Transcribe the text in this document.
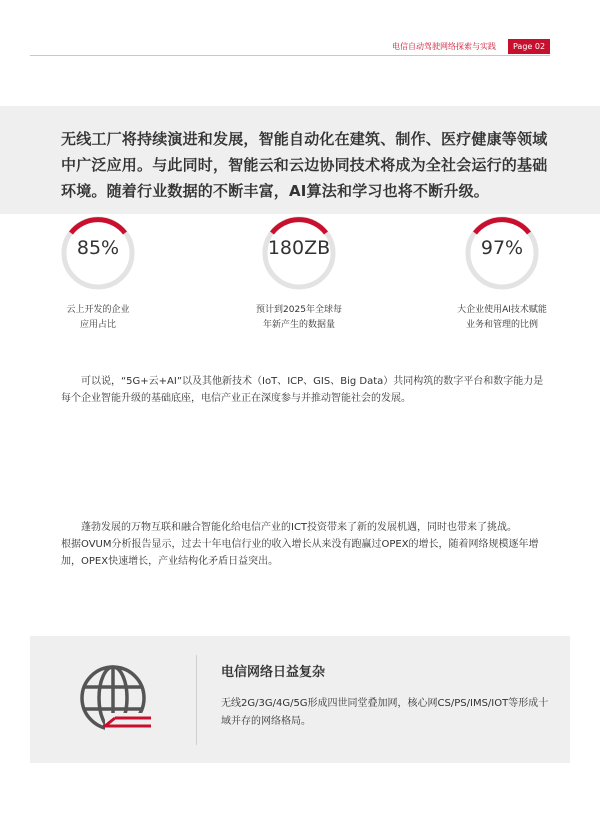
电信自动驾驶网络探索与实践	Page 02
无线工厂将持续演进和发展，智能自动化在建筑、制作、医疗健康等领域中广泛应用。与此同时，智能云和云边协同技术将成为全社会运行的基础环境。随着行业数据的不断丰富，AI算法和学习也将不断升级。
85%
云上开发的企业
应用占比
180ZB
预计到2025年全球每
年新产生的数据量
97%
大企业使用AI技术赋能
业务和管理的比例
可以说，“5G+云+AI”以及其他新技术（IoT、ICP、GIS、Big Data）共同构筑的数字平台和数字能力是每个企业智能升级的基础底座，电信产业正在深度参与并推动智能社会的发展。
蓬勃发展的万物互联和融合智能化给电信产业的ICT投资带来了新的发展机遇，同时也带来了挑战。
根据OVUM分析报告显示，过去十年电信行业的收入增长从来没有跑赢过OPEX的增长，随着网络规模逐年增加，OPEX快速增长，产业结构化矛盾日益突出。
电信网络日益复杂
无线2G/3G/4G/5G形成四世同堂叠加网，核心网CS/PS/IMS/IOT等形成十域并存的网络格局。
